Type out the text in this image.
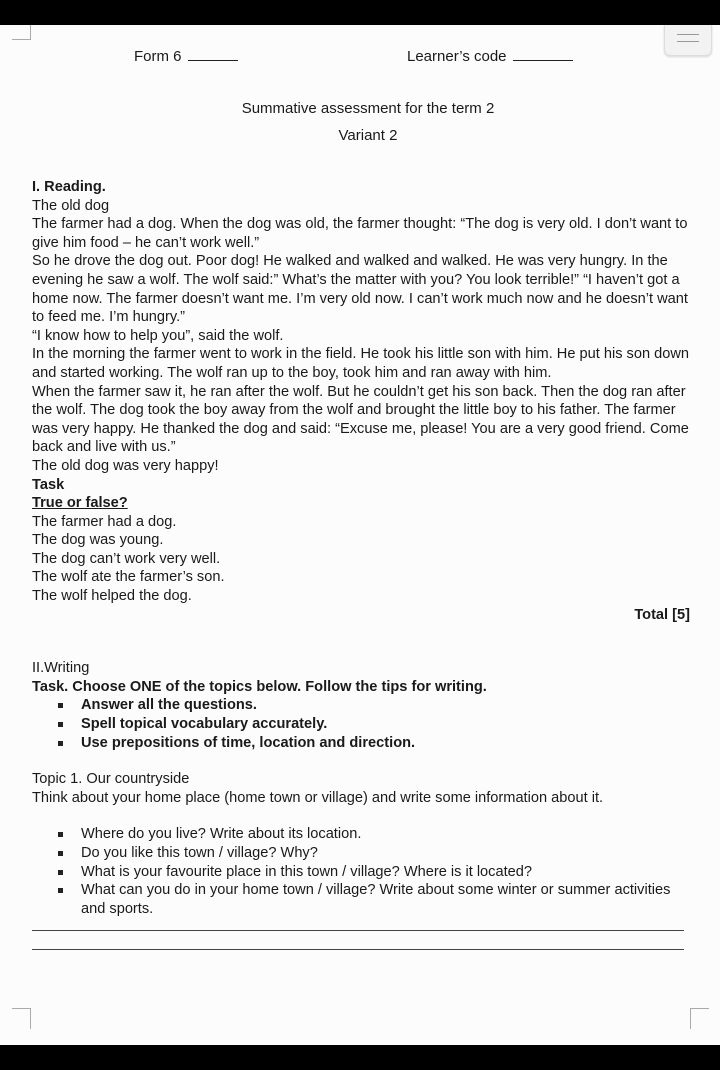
Form 6	Learner’s code
Summative assessment for the term 2
Variant 2

I. Reading.

The old dog

The farmer had a dog. When the dog was old, the farmer thought: “The dog is very old. I don’t want to give him food – he can’t work well.”

So he drove the dog out. Poor dog! He walked and walked and walked. He was very hungry. In the evening he saw a wolf. The wolf said:” What’s the matter with you? You look terrible!” “I haven’t got a home now. The farmer doesn’t want me. I’m very old now. I can’t work much now and he doesn’t want to feed me. I’m hungry.”

“I know how to help you”, said the wolf.

In the morning the farmer went to work in the field. He took his little son with him. He put his son down and started working. The wolf ran up to the boy, took him and ran away with him.

When the farmer saw it, he ran after the wolf. But he couldn’t get his son back. Then the dog ran after the wolf. The dog took the boy away from the wolf and brought the little boy to his father. The farmer was very happy. He thanked the dog and said: “Excuse me, please! You are a very good friend. Come back and live with us.”

The old dog was very happy!

Task

True or false?

The farmer had a dog.

The dog was young.

The dog can’t work very well.

The wolf ate the farmer’s son.

The wolf helped the dog.

Total [5]

II.Writing

Task. Choose ONE of the topics below. Follow the tips for writing.

Answer all the questions.
Spell topical vocabulary accurately.
Use prepositions of time, location and direction.

Topic 1. Our countryside

Think about your home place (home town or village) and write some information about it.

Where do you live? Write about its location.
Do you like this town / village? Why?
What is your favourite place in this town / village? Where is it located?
What can you do in your home town / village? Write about some winter or summer activities and sports.
